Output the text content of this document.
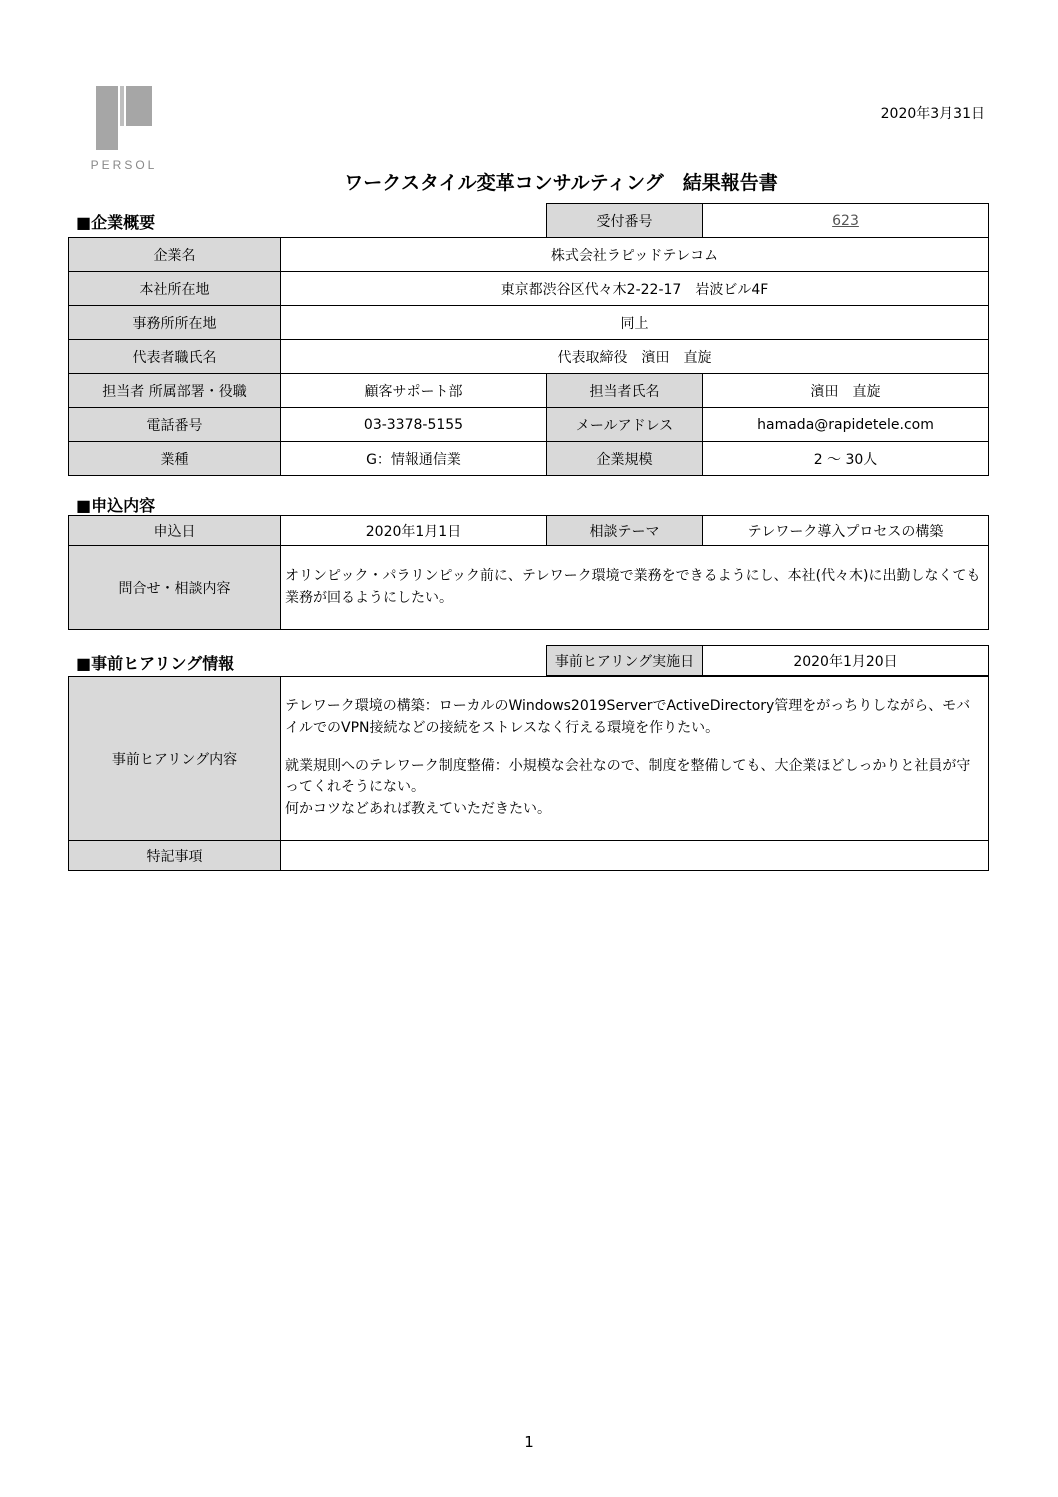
PERSOL
2020年3月31日
ワークスタイル変革コンサルティング　結果報告書
■企業概要	受付番号	623
企業名	株式会社ラピッドテレコム		
本社所在地	東京都渋谷区代々木2-22-17　岩波ビル4F		
事務所所在地	同上		
代表者職氏名	代表取締役　濱田　直旋		
担当者 所属部署・役職	顧客サポート部	担当者氏名	濱田　直旋
電話番号	03-3378-5155	メールアドレス	hamada@rapidetele.com
業種	G：情報通信業	企業規模	2 ～ 30人
■申込内容
申込日	2020年1月1日	相談テーマ	テレワーク導入プロセスの構築
問合せ・相談内容	オリンピック・パラリンピック前に、テレワーク環境で業務をできるようにし、本社(代々木)に出勤しなくても業務が回るようにしたい。		
■事前ヒアリング情報	事前ヒアリング実施日	2020年1月20日
事前ヒアリング内容	テレワーク環境の構築：ローカルのWindows2019ServerでActiveDirectory管理をがっちりしながら、モバイルでのVPN接続などの接続をストレスなく行える環境を作りたい。
就業規則へのテレワーク制度整備：小規模な会社なので、制度を整備しても、大企業ほどしっかりと社員が守ってくれそうにない。
何かコツなどあれば教えていただきたい。

特記事項	
1
